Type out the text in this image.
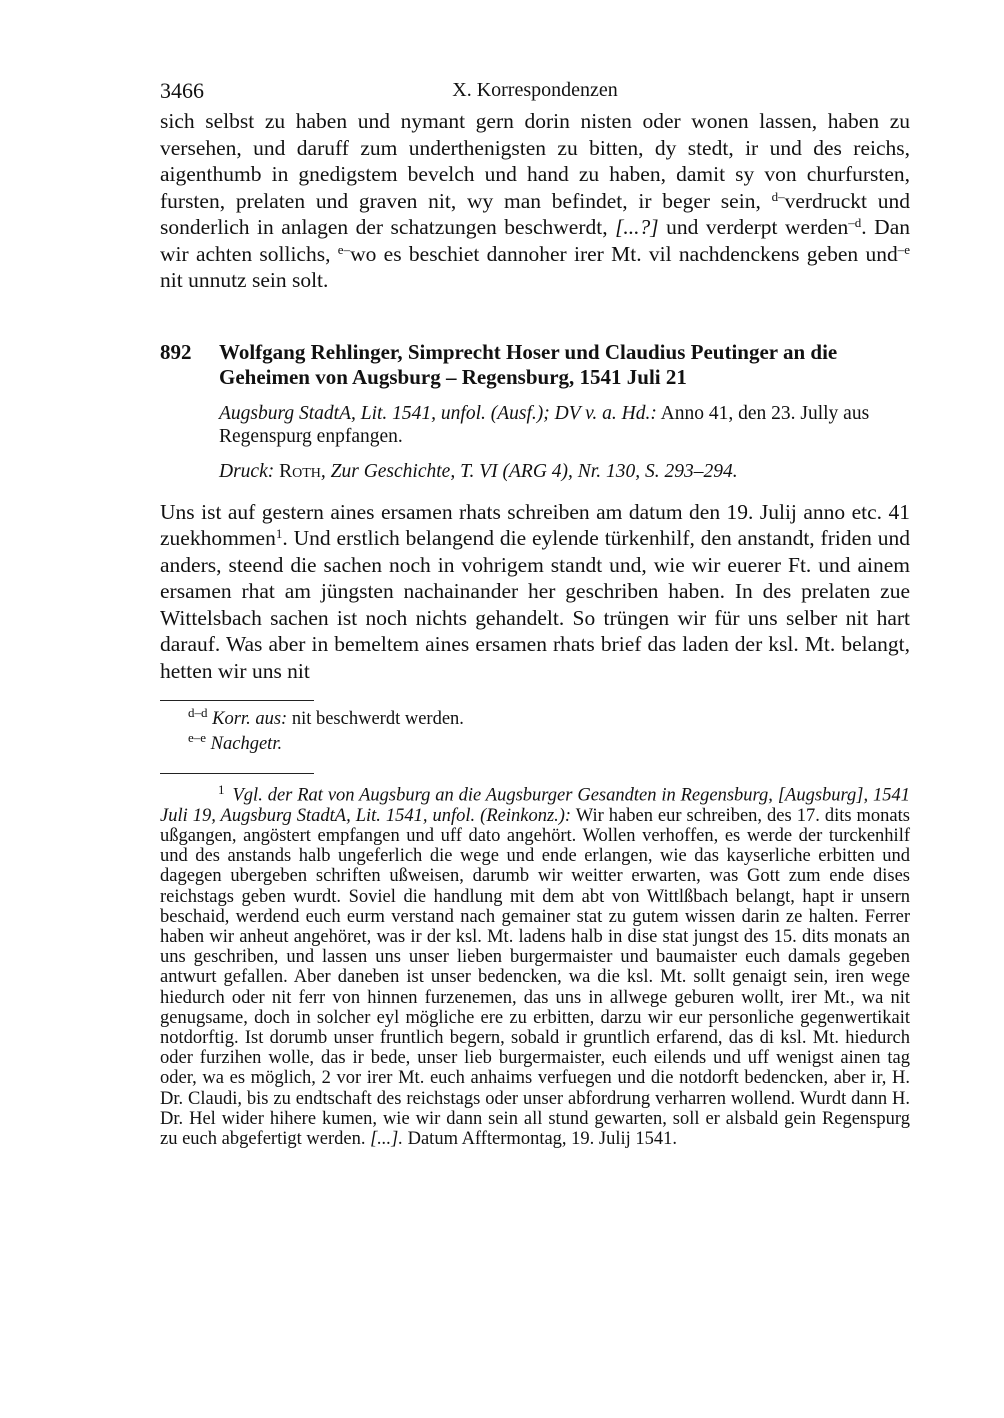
3466	X. Korrespondenzen

sich selbst zu haben und nymant gern dorin nisten oder wonen lassen, haben zu versehen, und daruff zum underthenigsten zu bitten, dy stedt, ir und des reichs, aigenthumb in gnedigstem bevelch und hand zu haben, damit sy von churfursten, fursten, prelaten und graven nit, wy man befindet, ir beger sein, $^{d-}$verdruckt und sonderlich in anlagen der schatzungen beschwerdt, [...?] und verderpt werden$^{-d}$. Dan wir achten sollichs, $^{e-}$wo es beschiet dannoher irer Mt. vil nachdenckens geben und$^{-e}$ nit unnutz sein solt.

892 Wolfgang Rehlinger, Simprecht Hoser und Claudius Peutinger an die Geheimen von Augsburg – Regensburg, 1541 Juli 21

Augsburg StadtA, Lit. 1541, unfol. (Ausf.); DV v. a. Hd.: Anno 41, den 23. Jully aus Regenspurg enpfangen.

Druck: Roth, Zur Geschichte, T. VI (ARG 4), Nr. 130, S. 293–294.

Uns ist auf gestern aines ersamen rhats schreiben am datum den 19. Julij anno etc. 41 zuekhommen$^1$. Und erstlich belangend die eylende türkenhilf, den anstandt, friden und anders, steend die sachen noch in vohrigem standt und, wie wir euerer Ft. und ainem ersamen rhat am jüngsten nachainander her geschriben haben. In des prelaten zue Wittelsbach sachen ist noch nichts gehandelt. So trüngen wir für uns selber nit hart darauf. Was aber in bemeltem aines ersamen rhats brief das laden der ksl. Mt. belangt, hetten wir uns nit

$^{d-d}$ Korr. aus: nit beschwerdt werden.
$^{e-e}$ Nachgetr.

$^1$ Vgl. der Rat von Augsburg an die Augsburger Gesandten in Regensburg, [Augsburg], 1541 Juli 19, Augsburg StadtA, Lit. 1541, unfol. (Reinkonz.): Wir haben eur schreiben, des 17. dits monats ußgangen, angöstert empfangen und uff dato angehört. Wollen verhoffen, es werde der turckenhilf und des anstands halb ungeferlich die wege und ende erlangen, wie das kayserliche erbitten und dagegen ubergeben schriften ußweisen, darumb wir weitter erwarten, was Gott zum ende dises reichstags geben wurdt. Soviel die handlung mit dem abt von Wittlßbach belangt, hapt ir unsern beschaid, werdend euch eurm verstand nach gemainer stat zu gutem wissen darin ze halten. Ferrer haben wir anheut angehöret, was ir der ksl. Mt. ladens halb in dise stat jungst des 15. dits monats an uns geschriben, und lassen uns unser lieben burgermaister und baumaister euch damals gegeben antwurt gefallen. Aber daneben ist unser bedencken, wa die ksl. Mt. sollt genaigt sein, iren wege hiedurch oder nit ferr von hinnen furzenemen, das uns in allwege geburen wollt, irer Mt., wa nit genugsame, doch in solcher eyl mögliche ere zu erbitten, darzu wir eur personliche gegenwertikait notdorftig. Ist dorumb unser fruntlich begern, sobald ir gruntlich erfarend, das di ksl. Mt. hiedurch oder furzihen wolle, das ir bede, unser lieb burgermaister, euch eilends und uff wenigst ainen tag oder, wa es möglich, 2 vor irer Mt. euch anhaims verfuegen und die notdorft bedencken, aber ir, H. Dr. Claudi, bis zu endtschaft des reichstags oder unser abfordrung verharren wollend. Wurdt dann H. Dr. Hel wider hihere kumen, wie wir dann sein all stund gewarten, soll er alsbald gein Regenspurg zu euch abgefertigt werden. [...]. Datum Afftermontag, 19. Julij 1541.
